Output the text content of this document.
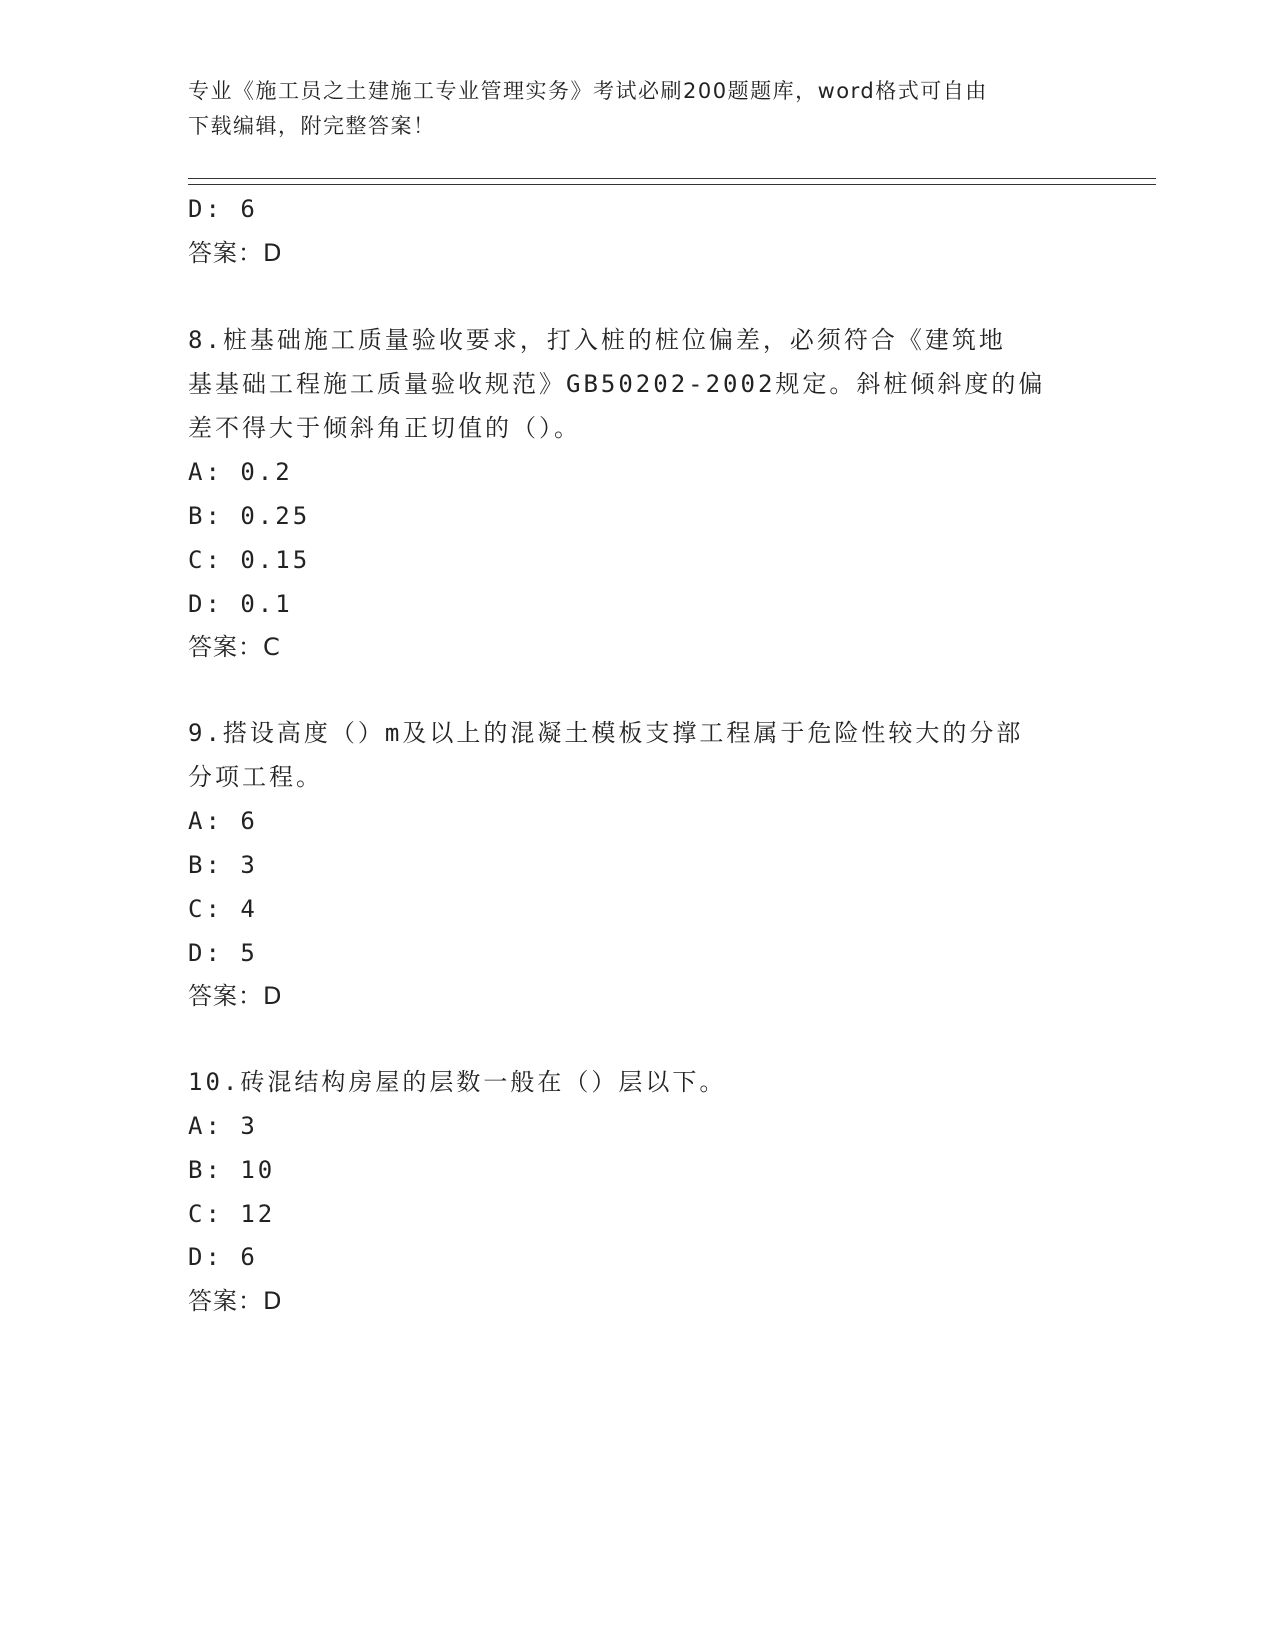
专业《施工员之土建施工专业管理实务》考试必刷200题题库，word格式可自由
下载编辑，附完整答案！
D: 6
答案：D
8.桩基础施工质量验收要求，打入桩的桩位偏差，必须符合《建筑地
基基础工程施工质量验收规范》GB50202-2002规定。斜桩倾斜度的偏
差不得大于倾斜角正切值的（）。
A: 0.2
B: 0.25
C: 0.15
D: 0.1
答案：C
9.搭设高度（）m及以上的混凝土模板支撑工程属于危险性较大的分部
分项工程。
A: 6
B: 3
C: 4
D: 5
答案：D
10.砖混结构房屋的层数一般在（）层以下。
A: 3
B: 10
C: 12
D: 6
答案：D
